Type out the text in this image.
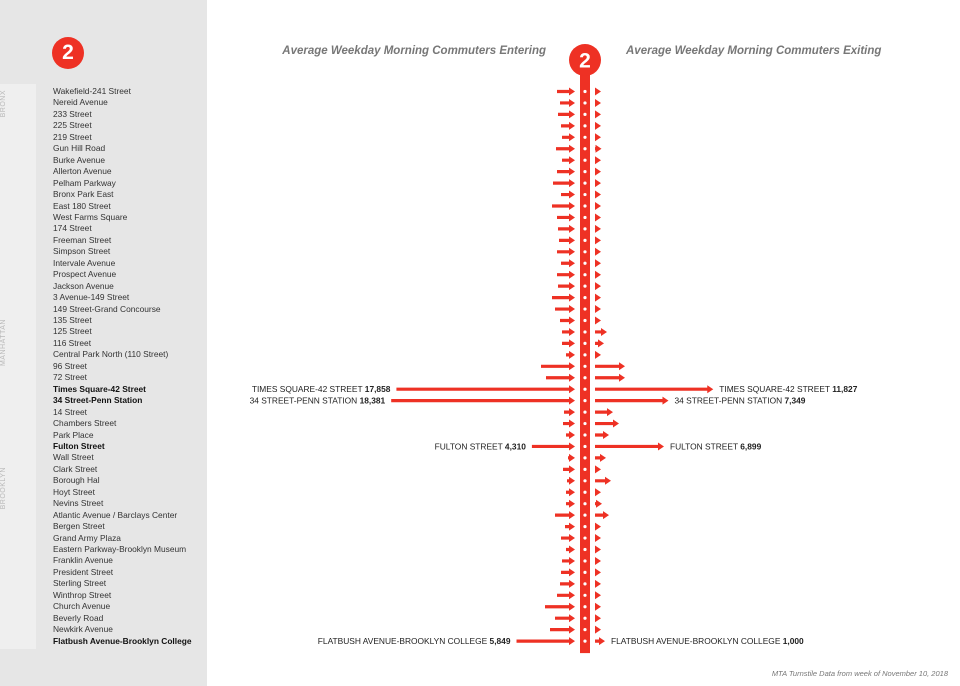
BRONX
MANHATTAN
BROOKLYN
2
Wakefield-241 Street
Nereid Avenue
233 Street
225 Street
219 Street
Gun Hill Road
Burke Avenue
Allerton Avenue
Pelham Parkway
Bronx Park East
East 180 Street
West Farms Square
174 Street
Freeman Street
Simpson Street
Intervale Avenue
Prospect Avenue
Jackson Avenue
3 Avenue-149 Street
149 Street-Grand Concourse
135 Street
125 Street
116 Street
Central Park North (110 Street)
96 Street
72 Street
Times Square-42 Street
34 Street-Penn Station
14 Street
Chambers Street
Park Place
Fulton Street
Wall Street
Clark Street
Borough Hal
Hoyt Street
Nevins Street
Atlantic Avenue / Barclays Center
Bergen Street
Grand Army Plaza
Eastern Parkway-Brooklyn Museum
Franklin Avenue
President Street
Sterling Street
Winthrop Street
Church Avenue
Beverly Road
Newkirk Avenue
Flatbush Avenue-Brooklyn College
Average Weekday Morning Commuters Entering	Average Weekday Morning Commuters Exiting
2
TIMES SQUARE-42 STREET 17,858	TIMES SQUARE-42 STREET 11,827
34 STREET-PENN STATION 18,381	34 STREET-PENN STATION 7,349
FULTON STREET 4,310	FULTON STREET 6,899
FLATBUSH AVENUE-BROOKLYN COLLEGE 5,849	FLATBUSH AVENUE-BROOKLYN COLLEGE 1,000
MTA Turnstile Data from week of November 10, 2018
